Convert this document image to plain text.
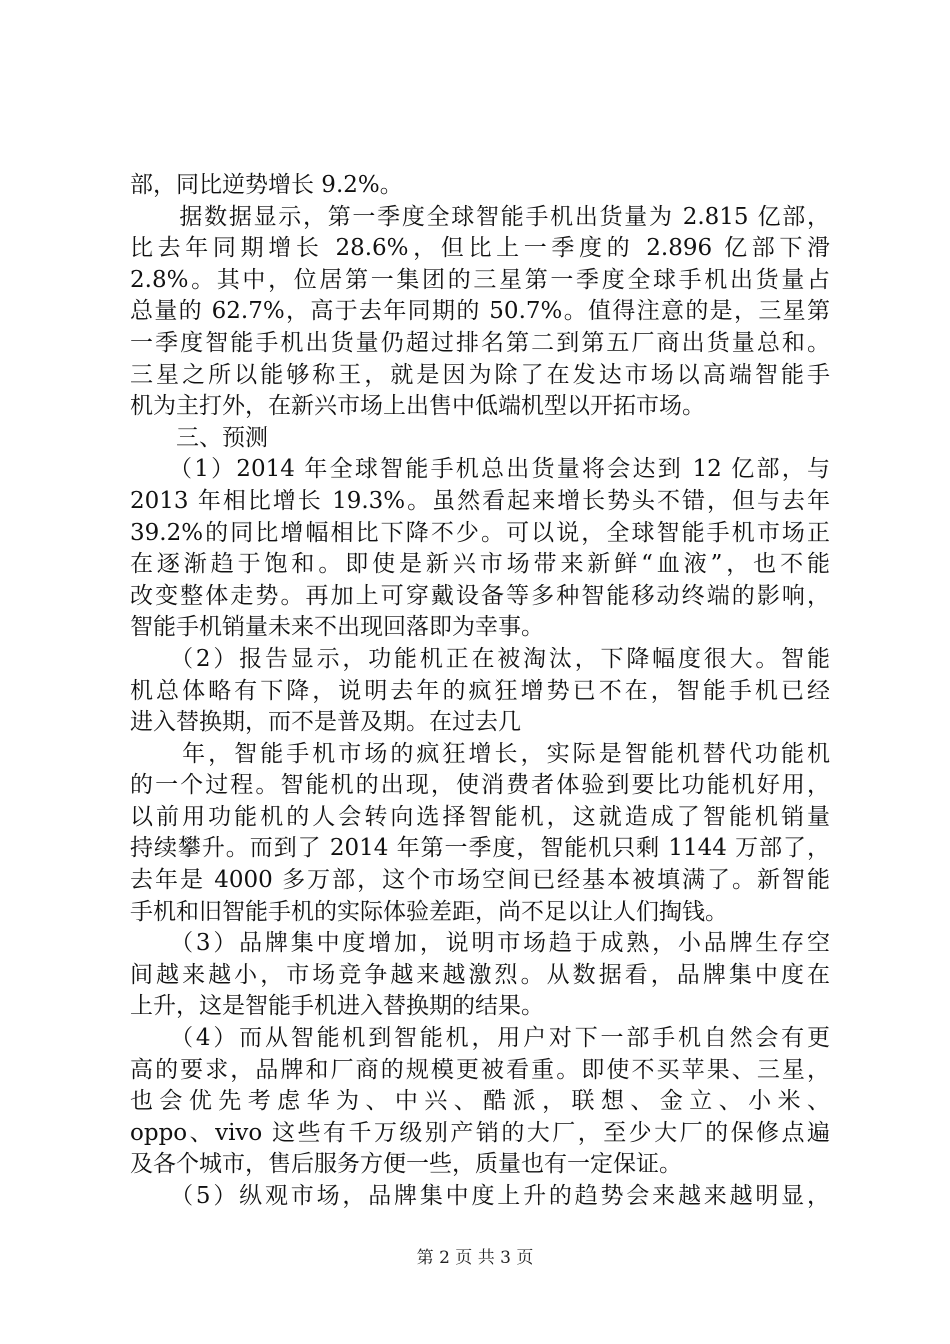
部，同比逆势增长 9.2%。
　　据数据显示，第一季度全球智能手机出货量为 2.815 亿部，
比去年同期增长 28.6%，但比上一季度的 2.896 亿部下滑
2.8%。其中，位居第一集团的三星第一季度全球手机出货量占
总量的 62.7%，高于去年同期的 50.7%。值得注意的是，三星第
一季度智能手机出货量仍超过排名第二到第五厂商出货量总和。
三星之所以能够称王，就是因为除了在发达市场以高端智能手
机为主打外，在新兴市场上出售中低端机型以开拓市场。
　　三、预测
　　（1）2014 年全球智能手机总出货量将会达到 12 亿部，与
2013 年相比增长 19.3%。虽然看起来增长势头不错，但与去年
39.2%的同比增幅相比下降不少。可以说，全球智能手机市场正
在逐渐趋于饱和。即使是新兴市场带来新鲜“血液”，也不能
改变整体走势。再加上可穿戴设备等多种智能移动终端的影响，
智能手机销量未来不出现回落即为幸事。
　　（2）报告显示，功能机正在被淘汰，下降幅度很大。智能
机总体略有下降，说明去年的疯狂增势已不在，智能手机已经
进入替换期，而不是普及期。在过去几
　　年，智能手机市场的疯狂增长，实际是智能机替代功能机
的一个过程。智能机的出现，使消费者体验到要比功能机好用，
以前用功能机的人会转向选择智能机，这就造成了智能机销量
持续攀升。而到了 2014 年第一季度，智能机只剩 1144 万部了，
去年是 4000 多万部，这个市场空间已经基本被填满了。新智能
手机和旧智能手机的实际体验差距，尚不足以让人们掏钱。
　　（3）品牌集中度增加，说明市场趋于成熟，小品牌生存空
间越来越小，市场竞争越来越激烈。从数据看，品牌集中度在
上升，这是智能手机进入替换期的结果。
　　（4）而从智能机到智能机，用户对下一部手机自然会有更
高的要求，品牌和厂商的规模更被看重。即使不买苹果、三星，
也会优先考虑华为、中兴、酷派，联想、金立、小米、
oppo、vivo 这些有千万级别产销的大厂，至少大厂的保修点遍
及各个城市，售后服务方便一些，质量也有一定保证。
　　（5）纵观市场，品牌集中度上升的趋势会来越来越明显，
第 2 页 共 3 页
